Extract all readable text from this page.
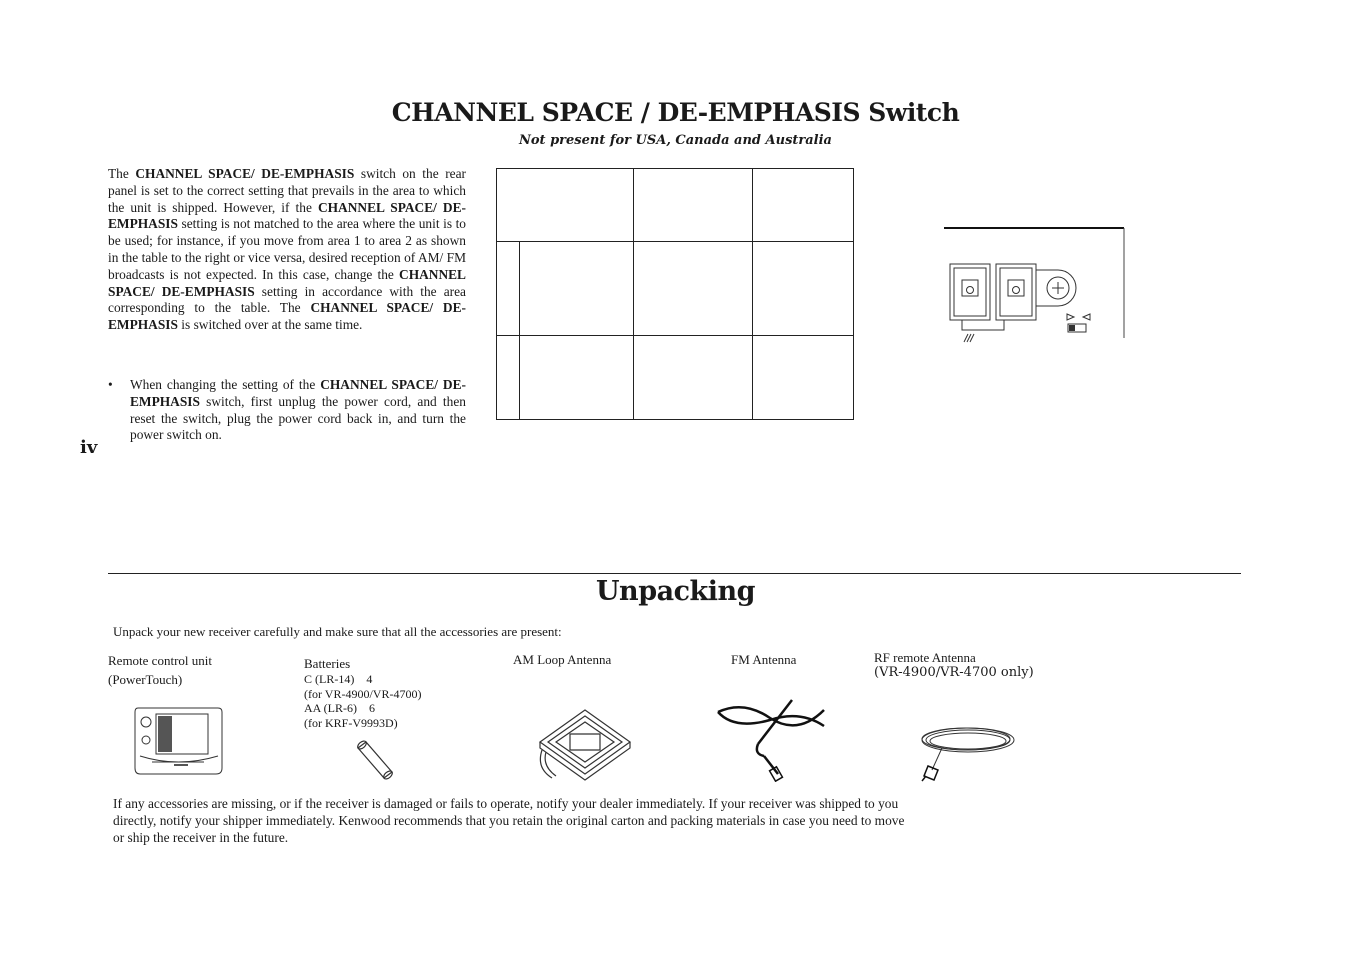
CHANNEL SPACE / DE-EMPHASIS Switch
Not present for USA, Canada and Australia
The CHANNEL SPACE/ DE-EMPHASIS switch on the rear panel is set to the correct setting that prevails in the area to which the unit is shipped. However, if the CHANNEL SPACE/ DE-EMPHASIS setting is not matched to the area where the unit is to be used; for instance, if you move from area 1 to area 2 as shown in the table to the right or vice versa, desired reception of AM/ FM broadcasts is not expected. In this case, change the CHANNEL SPACE/ DE-EMPHASIS setting in accordance with the area corresponding to the table. The CHANNEL SPACE/ DE-EMPHASIS is switched over at the same time.
•	When changing the setting of the CHANNEL SPACE/ DE-EMPHASIS switch, first unplug the power cord, and then reset the switch, plug the power cord back in, and turn the power switch on.
iv

Unpacking
Unpack your new receiver carefully and make sure that all the accessories are present:
Remote control unit
(PowerTouch)
Batteries
C (LR-14)    4
(for VR-4900/VR-4700)
AA (LR-6)    6
(for KRF-V9993D)
AM Loop Antenna	FM Antenna	RF remote Antenna
(VR-4900/VR-4700 only)
If any accessories are missing, or if the receiver is damaged or fails to operate, notify your dealer immediately. If your receiver was shipped to you directly, notify your shipper immediately. Kenwood recommends that you retain the original carton and packing materials in case you need to move or ship the receiver in the future.
